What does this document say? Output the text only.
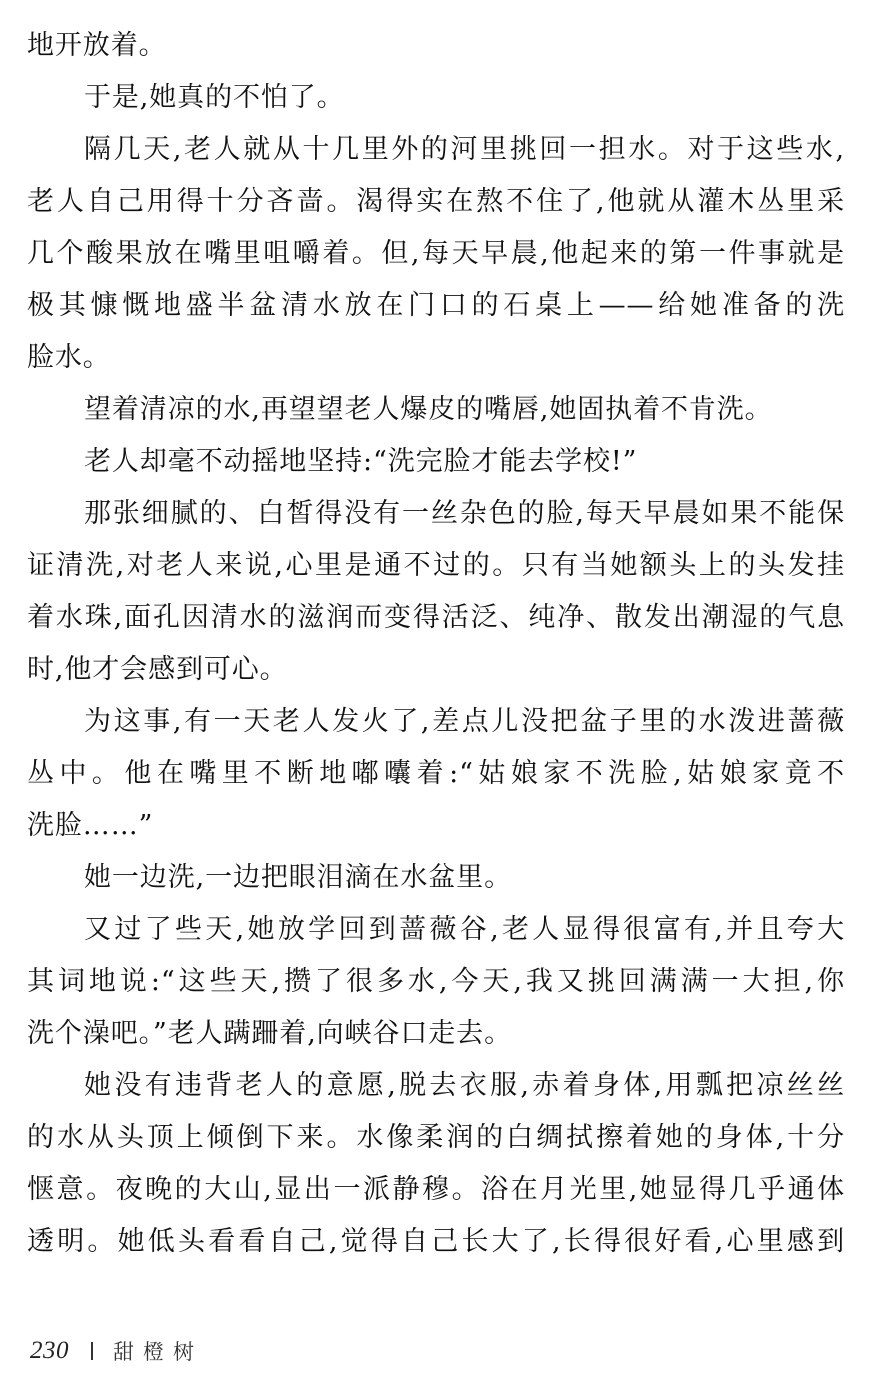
地开放着。
于是,她真的不怕了。
隔几天,老人就从十几里外的河里挑回一担水。对于这些水,
老人自己用得十分吝啬。渴得实在熬不住了,他就从灌木丛里采
几个酸果放在嘴里咀嚼着。但,每天早晨,他起来的第一件事就是
极其慷慨地盛半盆清水放在门口的石桌上——给她准备的洗
脸水。
望着清凉的水,再望望老人爆皮的嘴唇,她固执着不肯洗。
老人却毫不动摇地坚持:“洗完脸才能去学校!”
那张细腻的、白皙得没有一丝杂色的脸,每天早晨如果不能保
证清洗,对老人来说,心里是通不过的。只有当她额头上的头发挂
着水珠,面孔因清水的滋润而变得活泛、纯净、散发出潮湿的气息
时,他才会感到可心。
为这事,有一天老人发火了,差点儿没把盆子里的水泼进蔷薇
丛中。他在嘴里不断地嘟囔着:“姑娘家不洗脸,姑娘家竟不
洗脸……”
她一边洗,一边把眼泪滴在水盆里。
又过了些天,她放学回到蔷薇谷,老人显得很富有,并且夸大
其词地说:“这些天,攒了很多水,今天,我又挑回满满一大担,你
洗个澡吧。”老人蹒跚着,向峡谷口走去。
她没有违背老人的意愿,脱去衣服,赤着身体,用瓢把凉丝丝
的水从头顶上倾倒下来。水像柔润的白绸拭擦着她的身体,十分
惬意。夜晚的大山,显出一派静穆。浴在月光里,她显得几乎通体
透明。她低头看看自己,觉得自己长大了,长得很好看,心里感到
230 甜橙树
